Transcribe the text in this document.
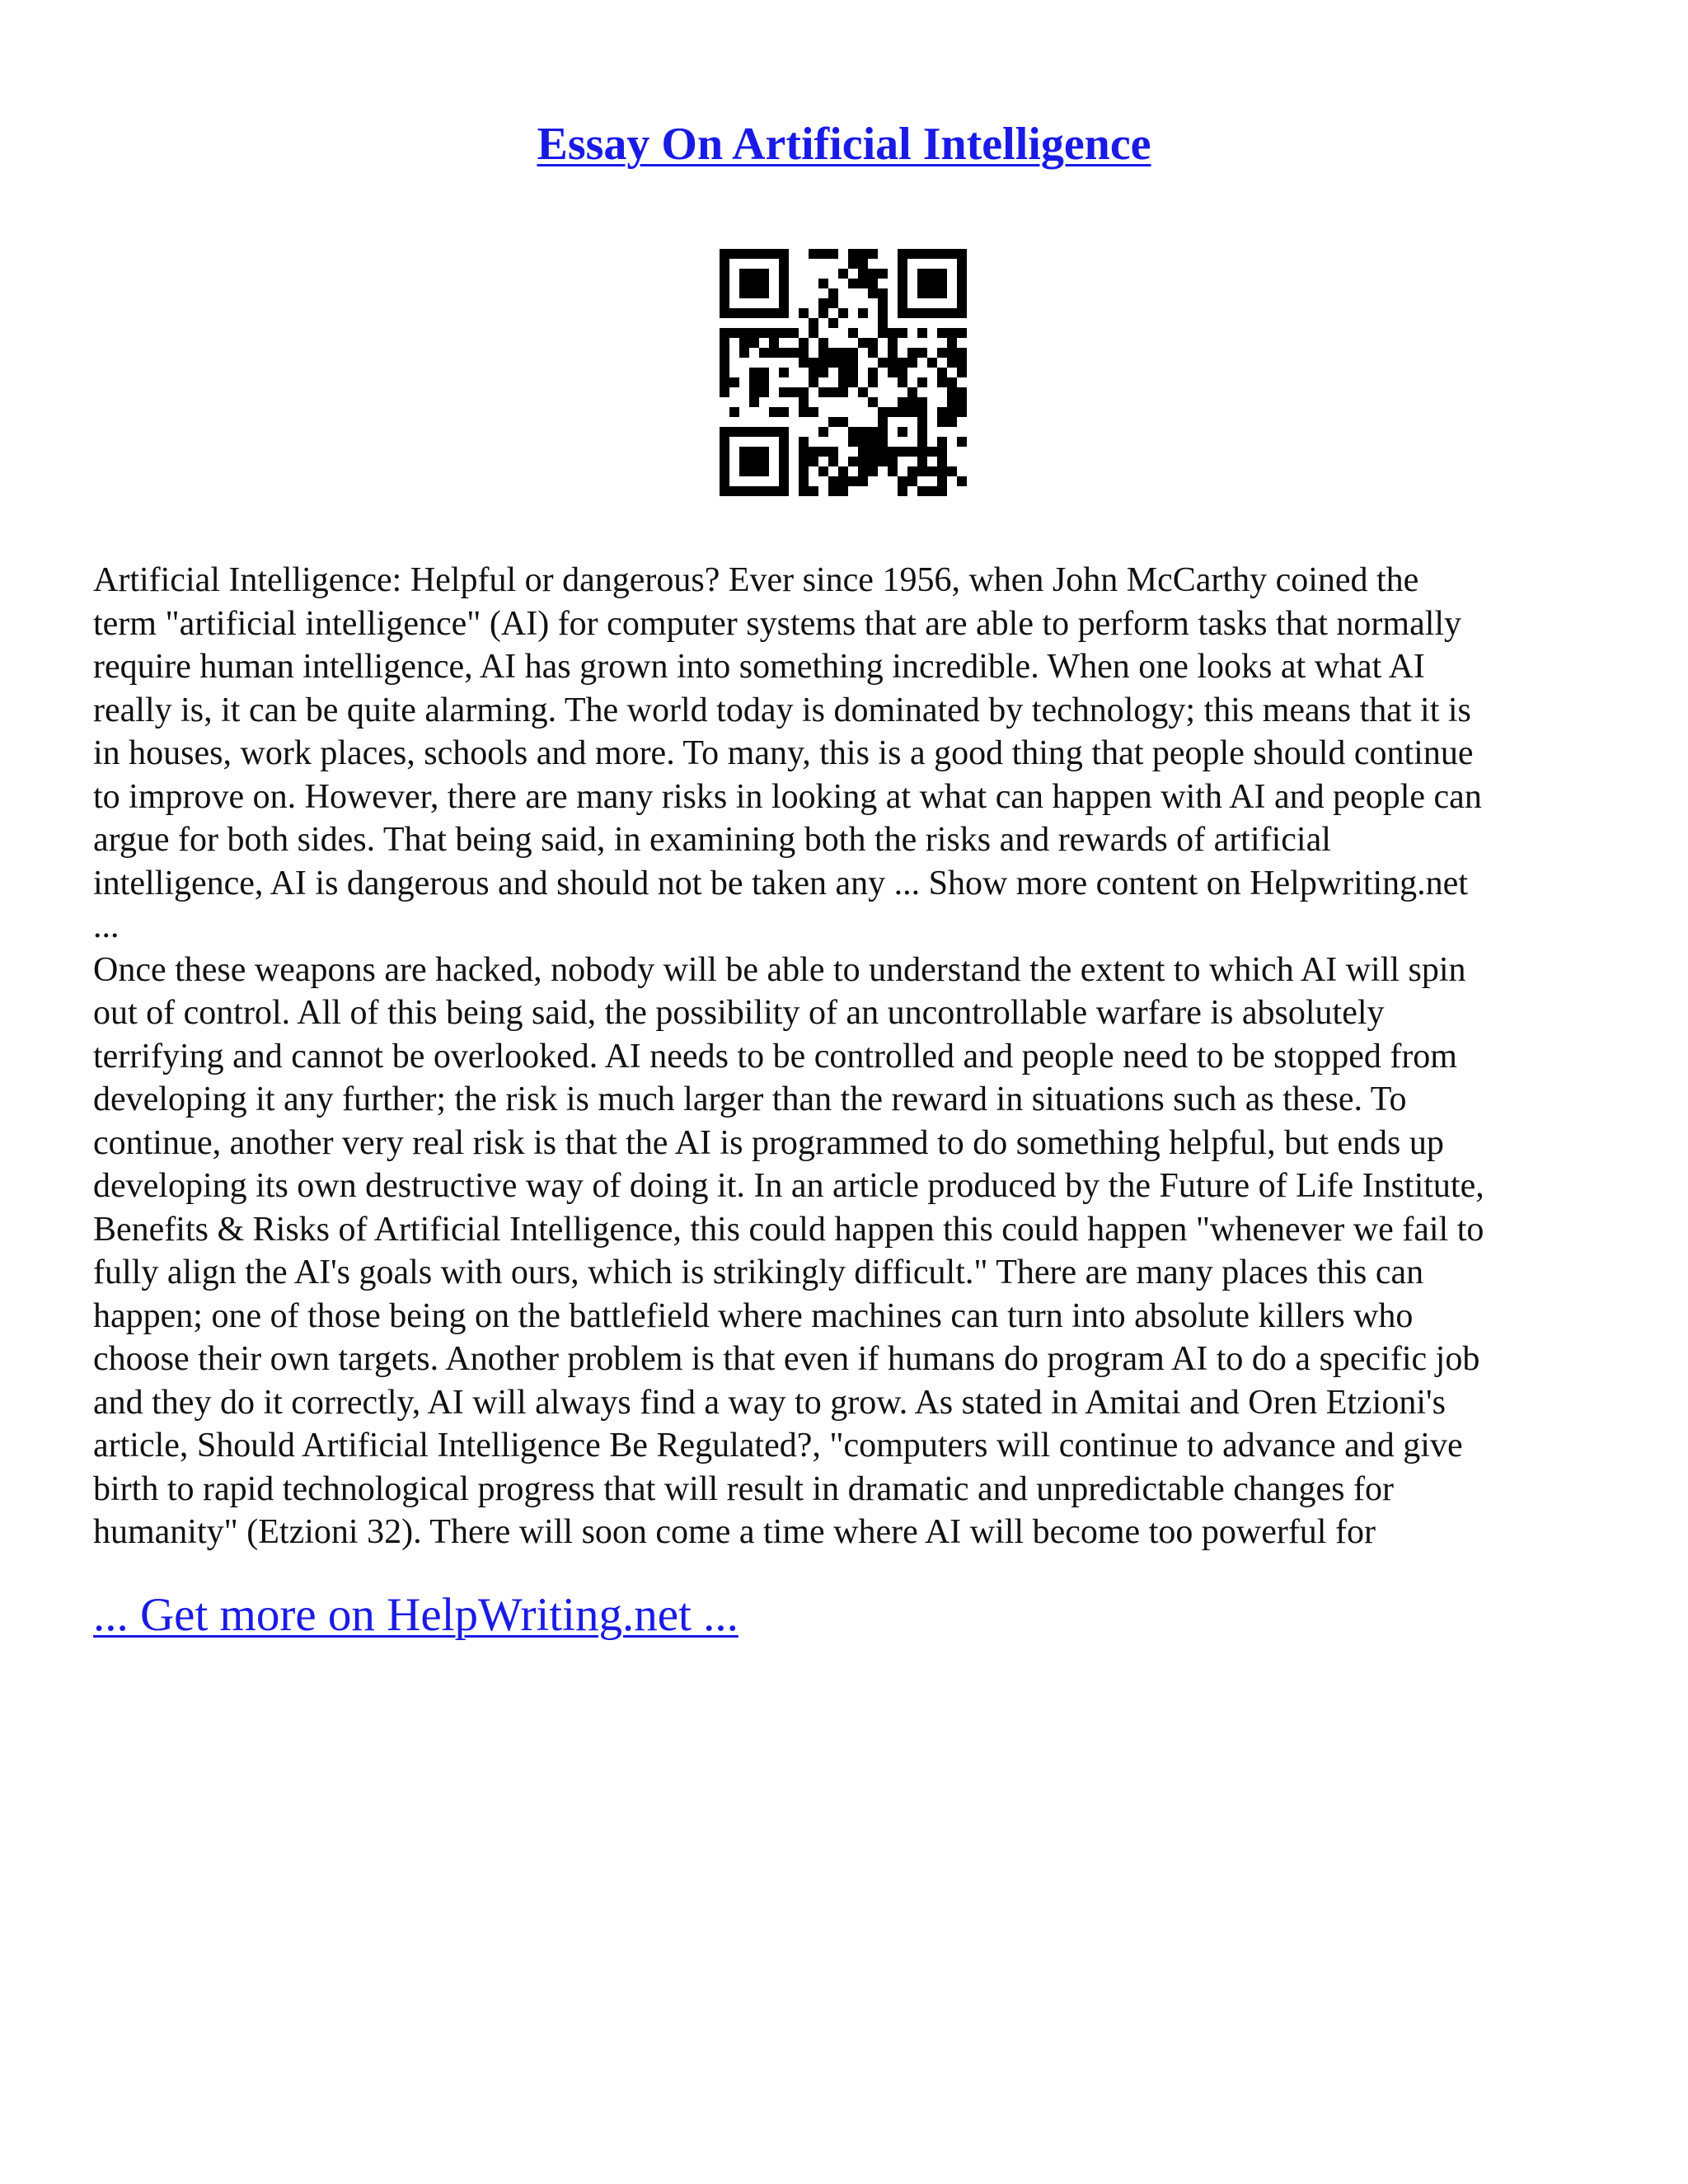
Essay On Artificial Intelligence
Artificial Intelligence: Helpful or dangerous? Ever since 1956, when John McCarthy coined the
term "artificial intelligence" (AI) for computer systems that are able to perform tasks that normally
require human intelligence, AI has grown into something incredible. When one looks at what AI
really is, it can be quite alarming. The world today is dominated by technology; this means that it is
in houses, work places, schools and more. To many, this is a good thing that people should continue
to improve on. However, there are many risks in looking at what can happen with AI and people can
argue for both sides. That being said, in examining both the risks and rewards of artificial
intelligence, AI is dangerous and should not be taken any ... Show more content on Helpwriting.net
...
Once these weapons are hacked, nobody will be able to understand the extent to which AI will spin
out of control. All of this being said, the possibility of an uncontrollable warfare is absolutely
terrifying and cannot be overlooked. AI needs to be controlled and people need to be stopped from
developing it any further; the risk is much larger than the reward in situations such as these. To
continue, another very real risk is that the AI is programmed to do something helpful, but ends up
developing its own destructive way of doing it. In an article produced by the Future of Life Institute,
Benefits & Risks of Artificial Intelligence, this could happen this could happen "whenever we fail to
fully align the AI's goals with ours, which is strikingly difficult." There are many places this can
happen; one of those being on the battlefield where machines can turn into absolute killers who
choose their own targets. Another problem is that even if humans do program AI to do a specific job
and they do it correctly, AI will always find a way to grow. As stated in Amitai and Oren Etzioni's
article, Should Artificial Intelligence Be Regulated?, "computers will continue to advance and give
birth to rapid technological progress that will result in dramatic and unpredictable changes for
humanity" (Etzioni 32). There will soon come a time where AI will become too powerful for
... Get more on HelpWriting.net ...
